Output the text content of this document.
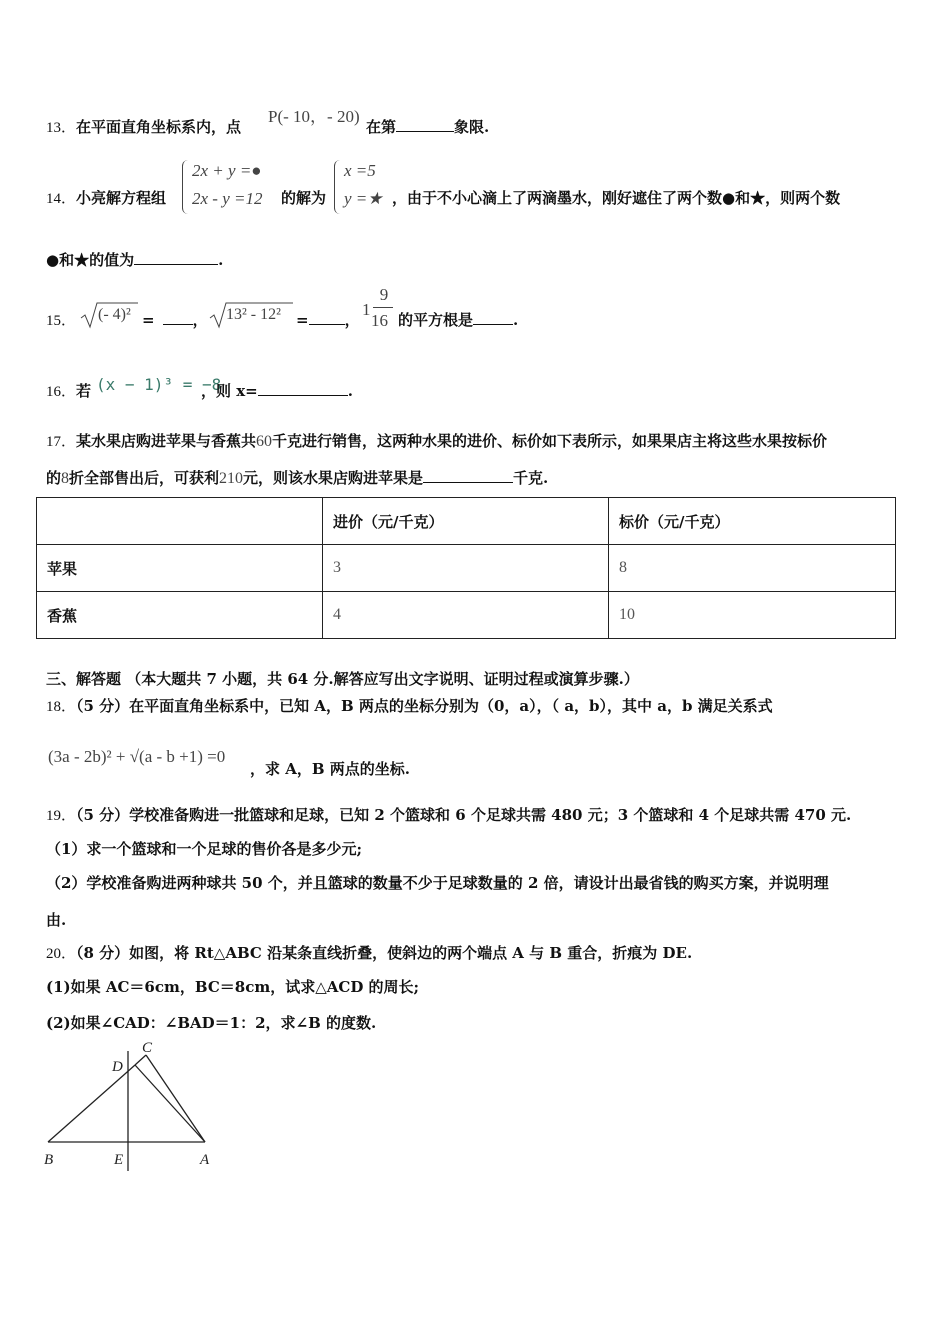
13．在平面直角坐标系内，点
P(- 10，- 20)
在第	象限.
14．小亮解方程组
2x + y =●
2x - y =12 的解为
x =5
y =★ ，由于不小心滴上了两滴墨水，刚好遮住了两个数●和★，则两个数
●和★的值为	.
15． (- 4)² =	， 13² - 12² = ，
1
9
16 的平方根是	.
16．若 (x − 1)³ = −8
，则 x=	.
17．某水果店购进苹果与香蕉共60千克进行销售，这两种水果的进价、标价如下表所示，如果果店主将这些水果按标价
的8折全部售出后，可获利210元，则该水果店购进苹果是	千克.
	进价（元/千克）	标价（元/千克）
苹果	3	8
香蕉	4	10
三、解答题 （本大题共 7 小题，共 64 分.解答应写出文字说明、证明过程或演算步骤.）
18．（5 分）在平面直角坐标系中，已知 A，B 两点的坐标分别为（0，a），（ a，b），其中 a，b 满足关系式
(3a - 2b)² + √(a - b +1) =0
，求 A，B 两点的坐标.
19．（5 分）学校准备购进一批篮球和足球，已知 2 个篮球和 6 个足球共需 480 元；3 个篮球和 4 个足球共需 470 元.
（1）求一个篮球和一个足球的售价各是多少元;
（2）学校准备购进两种球共 50 个，并且篮球的数量不少于足球数量的 2 倍，请设计出最省钱的购买方案，并说明理
由.
20．（8 分）如图，将 Rt△ABC 沿某条直线折叠，使斜边的两个端点 A 与 B 重合，折痕为 DE.
(1)如果 AC＝6cm，BC＝8cm，试求△ACD 的周长;
(2)如果∠CAD：∠BAD＝1：2，求∠B 的度数.
B	E	A
D
C
